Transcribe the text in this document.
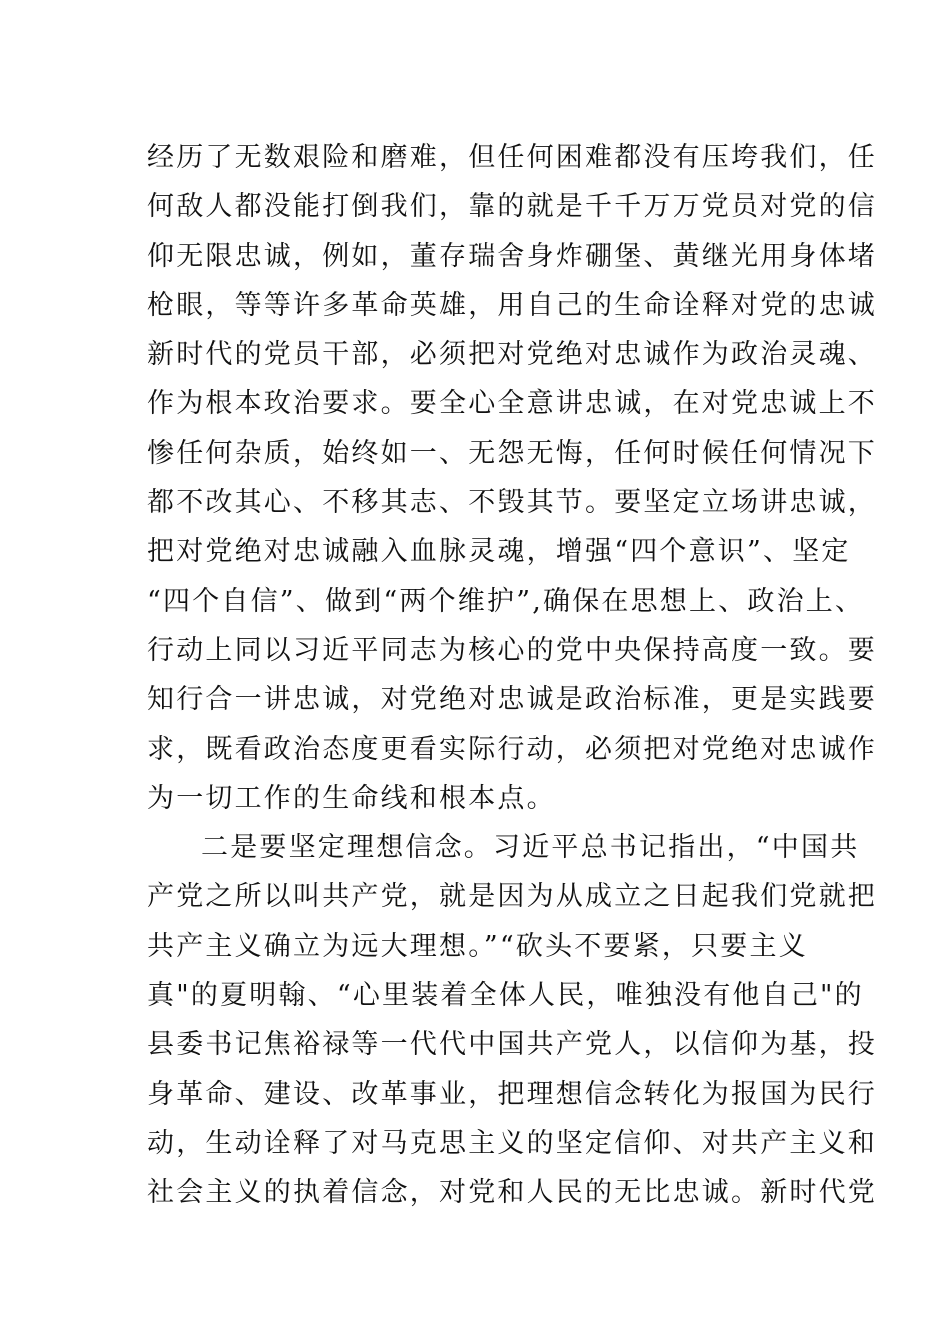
经历了无数艰险和磨难，但任何困难都没有压垮我们，任
何敌人都没能打倒我们，靠的就是千千万万党员对党的信
仰无限忠诚，例如，董存瑞舍身炸硼堡、黄继光用身体堵
枪眼，等等许多革命英雄，用自己的生命诠释对党的忠诚
新时代的党员干部，必须把对党绝对忠诚作为政治灵魂、
作为根本玫治要求。要全心全意讲忠诚，在对党忠诚上不
惨任何杂质，始终如一、无怨无悔，任何时候任何情况下
都不改其心、不移其志、不毁其节。要坚定立场讲忠诚，
把对党绝对忠诚融入血脉灵魂，增强“四个意识”、坚定
“四个自信”、做到“两个维护”,确保在思想上、政治上、
行动上同以习近平同志为核心的党中央保持高度一致。要
知行合一讲忠诚，对党绝对忠诚是政治标准，更是实践要
求，既看政治态度更看实际行动，必须把对党绝对忠诚作
为一切工作的生命线和根本点。
二是要坚定理想信念。习近平总书记指出，“中国共
产党之所以叫共产党，就是因为从成立之日起我们党就把
共产主义确立为远大理想。”“砍头不要紧，只要主义
真"的夏明翰、“心里装着全体人民，唯独没有他自己"的
县委书记焦裕禄等一代代中国共产党人，以信仰为基，投
身革命、建设、改革事业，把理想信念转化为报国为民行
动，生动诠释了对马克思主义的坚定信仰、对共产主义和
社会主义的执着信念，对党和人民的无比忠诚。新时代党
